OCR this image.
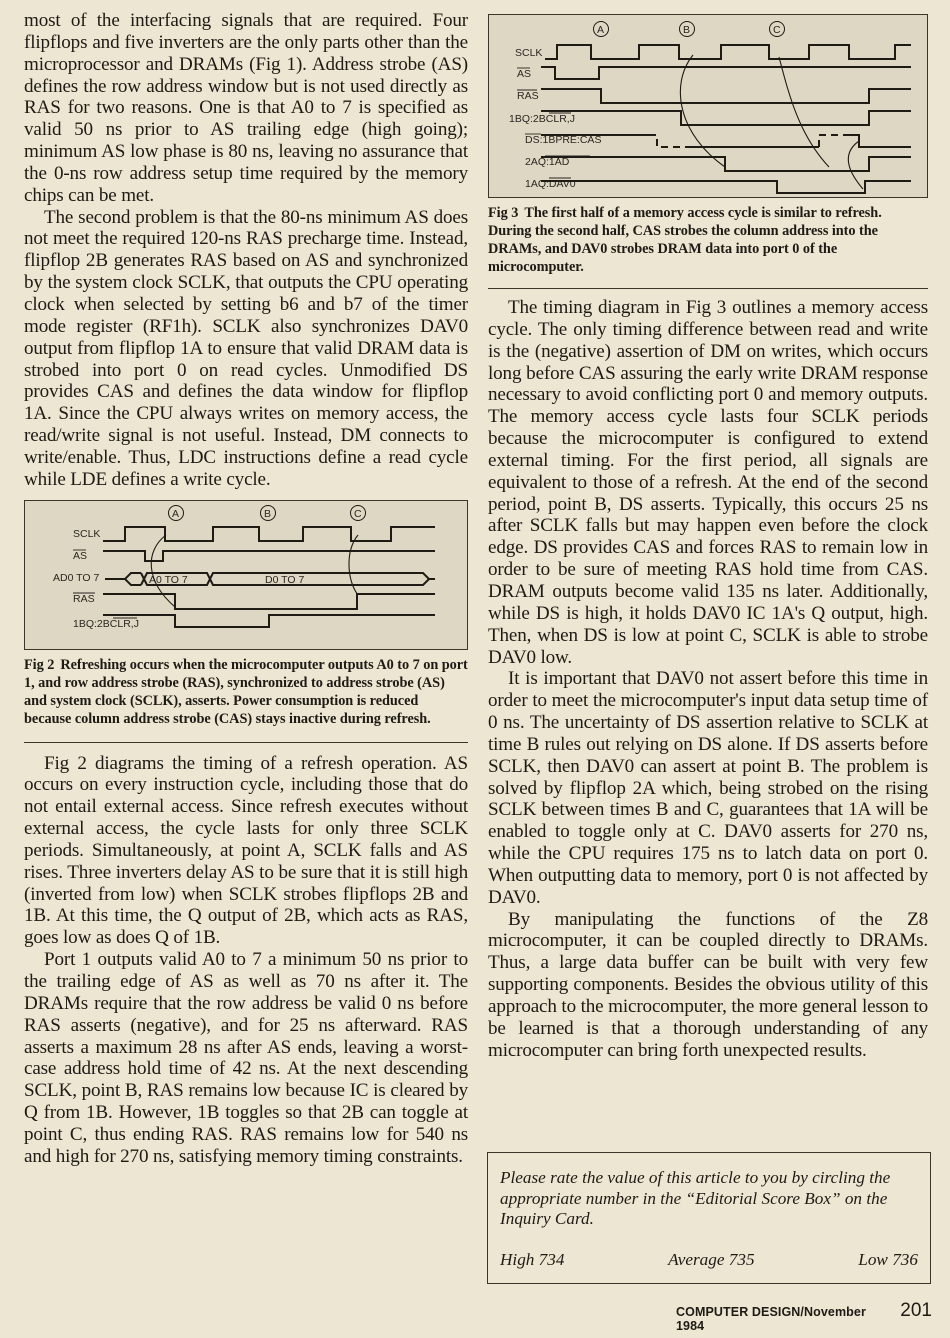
most of the interfacing signals that are required. Four flipflops and five inverters are the only parts other than the microprocessor and DRAMs (Fig 1). Address strobe (AS) defines the row address window but is not used directly as RAS for two reasons. One is that A0 to 7 is specified as valid 50 ns prior to AS trailing edge (high going); minimum AS low phase is 80 ns, leaving no assurance that the 0-ns row address setup time required by the memory chips can be met.

The second problem is that the 80-ns minimum AS does not meet the required 120-ns RAS precharge time. Instead, flipflop 2B generates RAS based on AS and synchronized by the system clock SCLK, that outputs the CPU operating clock when selected by setting b6 and b7 of the timer mode register (RF1h). SCLK also synchronizes DAV0 output from flipflop 1A to ensure that valid DRAM data is strobed into port 0 on read cycles. Unmodified DS provides CAS and defines the data window for flipflop 1A. Since the CPU always writes on memory access, the read/write signal is not useful. Instead, DM connects to write/enable. Thus, LDC instructions define a read cycle while LDE defines a write cycle.

SCLK
AS
AD0 TO 7
RAS
1BQ:2BCLR,J
A	B	C
A0 TO 7	D0 TO 7

Fig 2 Refreshing occurs when the microcomputer outputs A0 to 7 on port 1, and row address strobe (RAS), synchronized to address strobe (AS) and system clock (SCLK), asserts. Power consumption is reduced because column address strobe (CAS) stays inactive during refresh.

Fig 2 diagrams the timing of a refresh operation. AS occurs on every instruction cycle, including those that do not entail external access. Since refresh executes without external access, the cycle lasts for only three SCLK periods. Simultaneously, at point A, SCLK falls and AS rises. Three inverters delay AS to be sure that it is still high (inverted from low) when SCLK strobes flipflops 2B and 1B. At this time, the Q output of 2B, which acts as RAS, goes low as does Q of 1B.

Port 1 outputs valid A0 to 7 a minimum 50 ns prior to the trailing edge of AS as well as 70 ns after it. The DRAMs require that the row address be valid 0 ns before RAS asserts (negative), and for 25 ns afterward. RAS asserts a maximum 28 ns after AS ends, leaving a worst-case address hold time of 42 ns. At the next descending SCLK, point B, RAS remains low because IC is cleared by Q from 1B. However, 1B toggles so that 2B can toggle at point C, thus ending RAS. RAS remains low for 540 ns and high for 270 ns, satisfying memory timing constraints.

SCLK
AS
RAS
1BQ:2BCLR,J
DS:1BPRE:CAS
2AQ:1AD
1AQ:DAV0
A	B	C

Fig 3 The first half of a memory access cycle is similar to refresh. During the second half, CAS strobes the column address into the DRAMs, and DAV0 strobes DRAM data into port 0 of the microcomputer.

The timing diagram in Fig 3 outlines a memory access cycle. The only timing difference between read and write is the (negative) assertion of DM on writes, which occurs long before CAS assuring the early write DRAM response necessary to avoid conflicting port 0 and memory outputs. The memory access cycle lasts four SCLK periods because the microcomputer is configured to extend external timing. For the first period, all signals are equivalent to those of a refresh. At the end of the second period, point B, DS asserts. Typically, this occurs 25 ns after SCLK falls but may happen even before the clock edge. DS provides CAS and forces RAS to remain low in order to be sure of meeting RAS hold time from CAS. DRAM outputs become valid 135 ns later. Additionally, while DS is high, it holds DAV0 IC 1A's Q output, high. Then, when DS is low at point C, SCLK is able to strobe DAV0 low.

It is important that DAV0 not assert before this time in order to meet the microcomputer's input data setup time of 0 ns. The uncertainty of DS assertion relative to SCLK at time B rules out relying on DS alone. If DS asserts before SCLK, then DAV0 can assert at point B. The problem is solved by flipflop 2A which, being strobed on the rising SCLK between times B and C, guarantees that 1A will be enabled to toggle only at C. DAV0 asserts for 270 ns, while the CPU requires 175 ns to latch data on port 0. When outputting data to memory, port 0 is not affected by DAV0.

By manipulating the functions of the Z8 microcomputer, it can be coupled directly to DRAMs. Thus, a large data buffer can be built with very few supporting components. Besides the obvious utility of this approach to the microcomputer, the more general lesson to be learned is that a thorough understanding of any microcomputer can bring forth unexpected results.

Please rate the value of this article to you by circling the appropriate number in the “Editorial Score Box” on the Inquiry Card.

High 734	Average 735	Low 736
COMPUTER DESIGN/November 1984
201
